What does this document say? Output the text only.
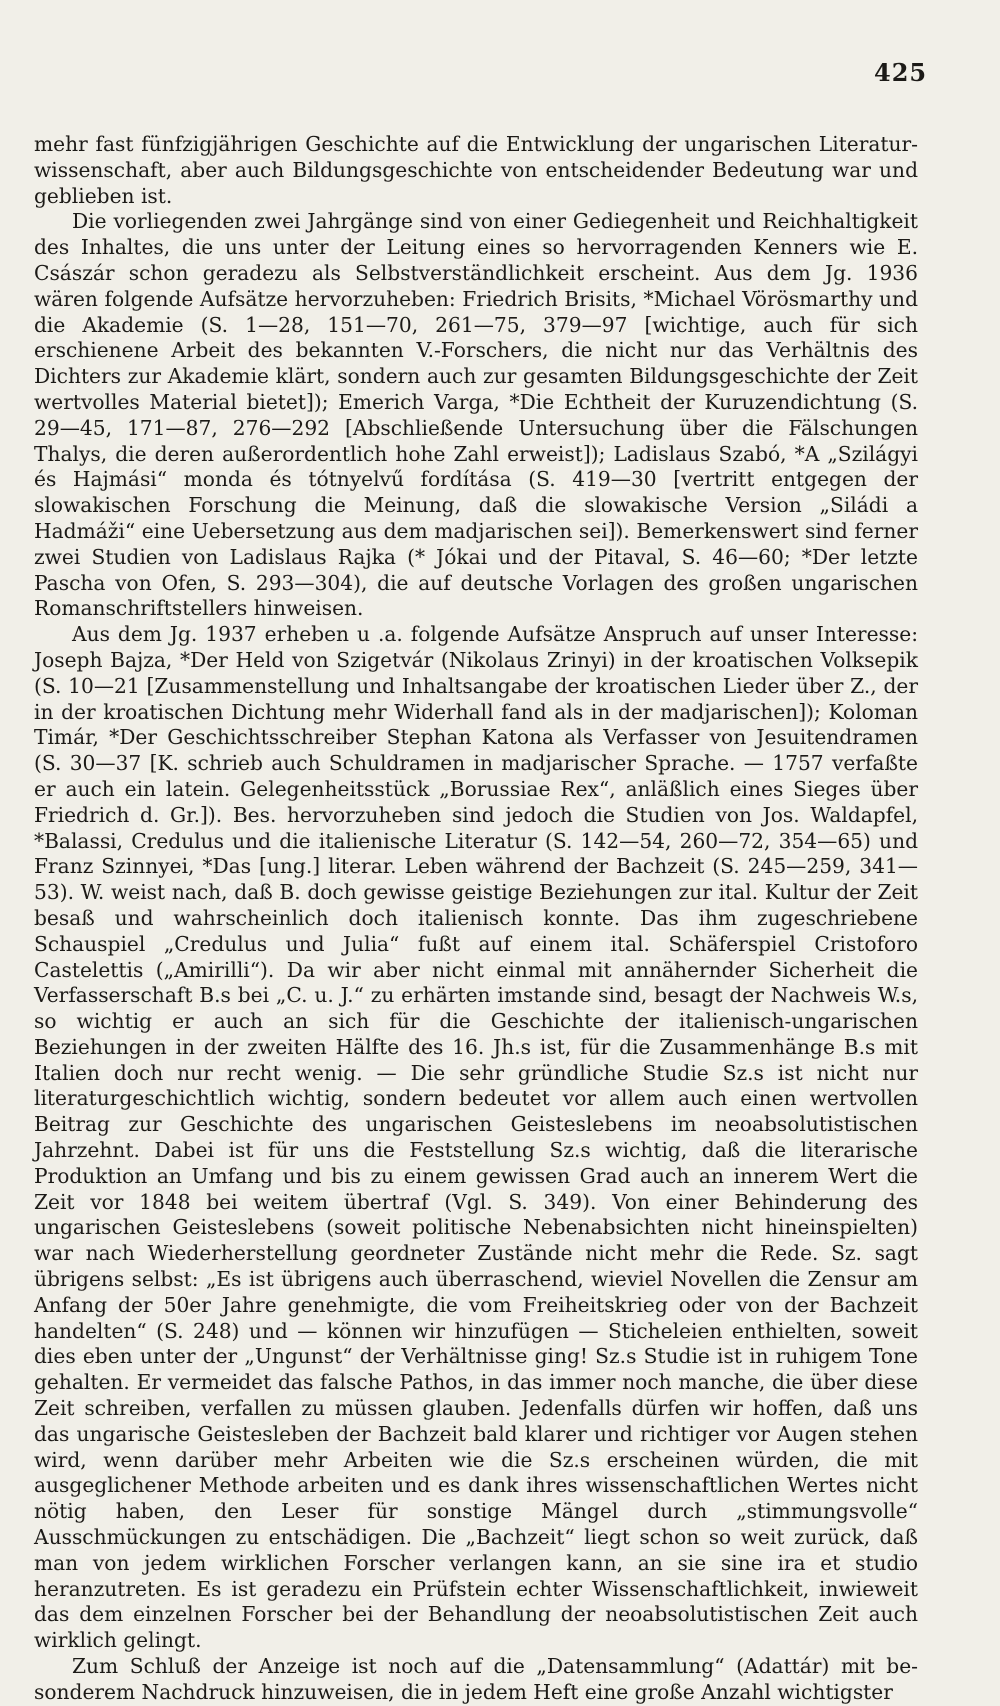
425

mehr fast fünfzigjährigen Geschichte auf die Entwicklung der ungarischen Literaturwissenschaft, aber auch Bildungsgeschichte von entscheidender Bedeutung war und geblieben ist.

Die vorliegenden zwei Jahrgänge sind von einer Gediegenheit und Reichhaltigkeit des Inhaltes, die uns unter der Leitung eines so hervorragenden Kenners wie E. Császár schon geradezu als Selbstverständlichkeit erscheint. Aus dem Jg. 1936 wären folgende Aufsätze hervorzuheben: Friedrich Brisits, *Michael Vörösmarthy und die Akademie (S. 1—28, 151—70, 261—75, 379—97 [wichtige, auch für sich erschienene Arbeit des bekannten V.-Forschers, die nicht nur das Verhältnis des Dichters zur Akademie klärt, sondern auch zur gesamten Bildungsgeschichte der Zeit wertvolles Material bietet]); Emerich Varga, *Die Echtheit der Kuruzendichtung (S. 29—45, 171—87, 276—292 [Abschließende Untersuchung über die Fälschungen Thalys, die deren außerordentlich hohe Zahl erweist]); Ladislaus Szabó, *A „Szilágyi és Hajmási“ monda és tótnyelvű fordítása (S. 419—30 [vertritt entgegen der slowakischen Forschung die Meinung, daß die slowakische Version „Siládi a Hadmáži“ eine Uebersetzung aus dem madjarischen sei]). Bemerkenswert sind ferner zwei Studien von Ladislaus Rajka (* Jókai und der Pitaval, S. 46—60; *Der letzte Pascha von Ofen, S. 293—304), die auf deutsche Vorlagen des großen ungarischen Romanschriftstellers hinweisen.

Aus dem Jg. 1937 erheben u .a. folgende Aufsätze Anspruch auf unser Interesse: Joseph Bajza, *Der Held von Szigetvár (Nikolaus Zrinyi) in der kroatischen Volksepik (S. 10—21 [Zusammenstellung und Inhaltsangabe der kroatischen Lieder über Z., der in der kroatischen Dichtung mehr Widerhall fand als in der madjarischen]); Koloman Timár, *Der Geschichtsschreiber Stephan Katona als Verfasser von Jesuitendramen (S. 30—37 [K. schrieb auch Schuldramen in madjarischer Sprache. — 1757 verfaßte er auch ein latein. Gelegenheitsstück „Borussiae Rex“, anläßlich eines Sieges über Friedrich d. Gr.]). Bes. hervorzuheben sind jedoch die Studien von Jos. Waldapfel, *Balassi, Credulus und die italienische Literatur (S. 142—54, 260—72, 354—65) und Franz Szinnyei, *Das [ung.] literar. Leben während der Bachzeit (S. 245—259, 341—53). W. weist nach, daß B. doch gewisse geistige Beziehungen zur ital. Kultur der Zeit besaß und wahrscheinlich doch italienisch konnte. Das ihm zugeschriebene Schauspiel „Credulus und Julia“ fußt auf einem ital. Schäferspiel Cristoforo Castelettis („Amirilli“). Da wir aber nicht einmal mit annähernder Sicherheit die Verfasserschaft B.s bei „C. u. J.“ zu erhärten imstande sind, besagt der Nachweis W.s, so wichtig er auch an sich für die Geschichte der italienisch-ungarischen Beziehungen in der zweiten Hälfte des 16. Jh.s ist, für die Zusammenhänge B.s mit Italien doch nur recht wenig. — Die sehr gründliche Studie Sz.s ist nicht nur literaturgeschichtlich wichtig, sondern bedeutet vor allem auch einen wertvollen Beitrag zur Geschichte des ungarischen Geisteslebens im neoabsolutistischen Jahrzehnt. Dabei ist für uns die Feststellung Sz.s wichtig, daß die literarische Produktion an Umfang und bis zu einem gewissen Grad auch an innerem Wert die Zeit vor 1848 bei weitem übertraf (Vgl. S. 349). Von einer Behinderung des ungarischen Geisteslebens (soweit politische Nebenabsichten nicht hineinspielten) war nach Wiederherstellung geordneter Zustände nicht mehr die Rede. Sz. sagt übrigens selbst: „Es ist übrigens auch überraschend, wieviel Novellen die Zensur am Anfang der 50er Jahre genehmigte, die vom Freiheitskrieg oder von der Bachzeit handelten“ (S. 248) und — können wir hinzufügen — Sticheleien enthielten, soweit dies eben unter der „Ungunst“ der Verhältnisse ging! Sz.s Studie ist in ruhigem Tone gehalten. Er vermeidet das falsche Pathos, in das immer noch manche, die über diese Zeit schreiben, verfallen zu müssen glauben. Jedenfalls dürfen wir hoffen, daß uns das ungarische Geistesleben der Bachzeit bald klarer und richtiger vor Augen stehen wird, wenn darüber mehr Arbeiten wie die Sz.s erscheinen würden, die mit ausgeglichener Methode arbeiten und es dank ihres wissenschaftlichen Wertes nicht nötig haben, den Leser für sonstige Mängel durch „stimmungsvolle“ Ausschmückungen zu entschädigen. Die „Bachzeit“ liegt schon so weit zurück, daß man von jedem wirklichen Forscher verlangen kann, an sie sine ira et studio heranzutreten. Es ist geradezu ein Prüfstein echter Wissenschaftlichkeit, inwieweit das dem einzelnen Forscher bei der Behandlung der neoabsolutistischen Zeit auch wirklich gelingt.

Zum Schluß der Anzeige ist noch auf die „Datensammlung“ (Adattár) mit besonderem Nachdruck hinzuweisen, die in jedem Heft eine große Anzahl wichtigster
